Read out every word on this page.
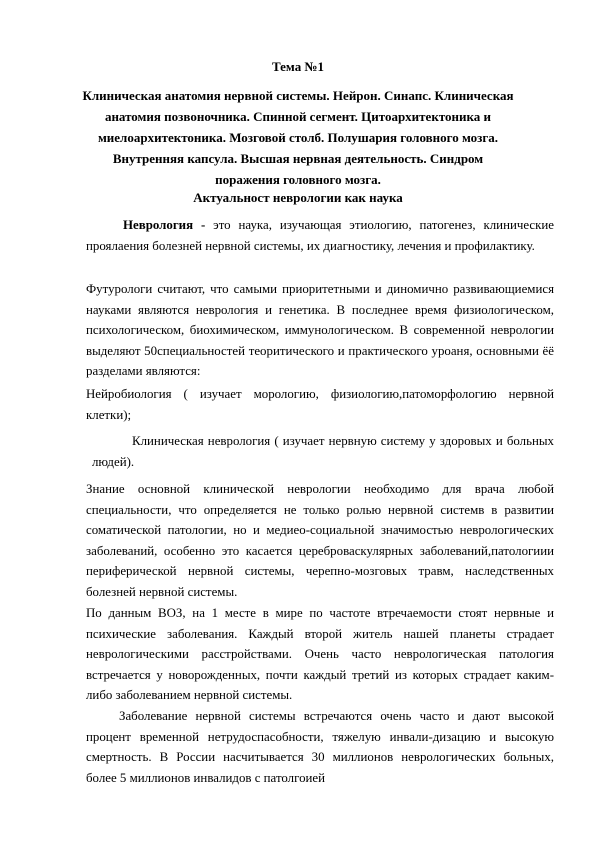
Тема №1
Клиническая анатомия нервной системы. Нейрон. Синапс. Клиническая анатомия позвоночника. Спинной сегмент. Цитоархитектоника и миелоархитектоника. Мозговой столб. Полушария головного мозга. Внутренняя капсула. Высшая нервная деятельность. Синдром поражения головного мозга.
Актуальност неврологии как наука
Неврология - это наука, изучающая этиологию, патогенез, клинические проялаения болезней нервной системы, их диагностику, лечения и профилактику.
Футурологи считают, что самыми приоритетными и диномично развивающиемися науками являются неврология и генетика. В последнее время физиологическом, психологическом, биохимическом, иммунологическом. В современной неврологии выделяют 50специальностей теоритического и практического уроаня, основными ёё разделами являются:
Нейробиология ( изучает морологию, физиологию,патоморфологию нервной клетки);
Клиническая неврология ( изучает нервную систему у здоровых и больных людей).
Знание основной клинической неврологии необходимо для врача любой специальности, что определяется не только ролью нервной системв в развитии соматической патологии, но и медиео-социальной значимостью неврологических заболеваний, особенно это касается цереброваскулярных заболеваний,патологиии периферической нервной системы, черепно-мозговых травм, наследственных болезней нервной системы.
По данным ВОЗ, на 1 месте в мире по частоте втречаемости стоят нервные и психические заболевания. Каждый второй житель нашей планеты страдает неврологическими расстройствами. Очень часто неврологическая патология встречается у новорожденных, почти каждый третий из которых страдает каким-либо заболеванием нервной системы.
Заболевание нервной системы встречаются очень часто и дают высокой процент временной нетрудоспасобности, тяжелую инвали-дизацию и высокую смертность. В России насчитывается 30 миллионов неврологических больных, более 5 миллионов инвалидов с патолгоией
